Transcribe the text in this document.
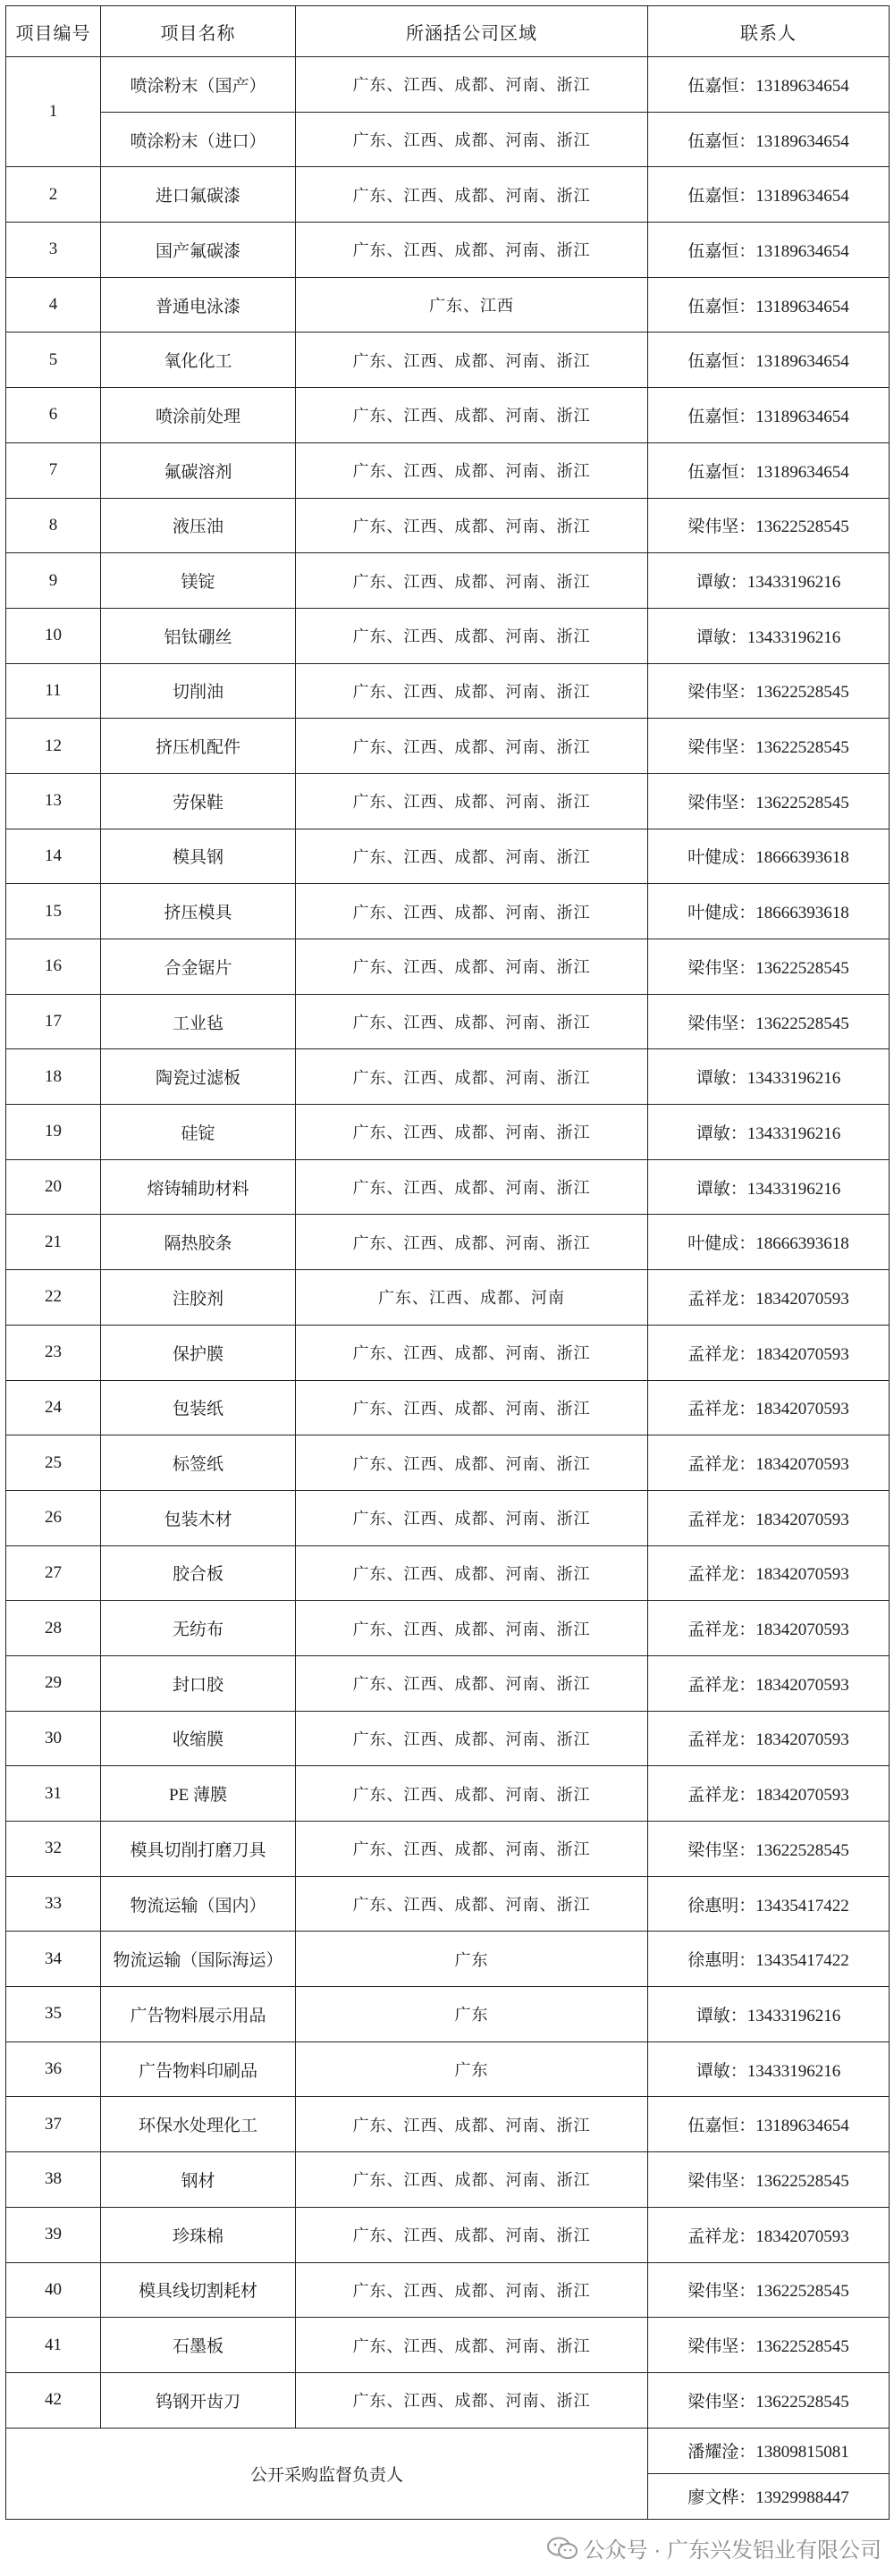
项目编号	项目名称	所涵括公司区域	联系人
1	喷涂粉末（国产）	广东、江西、成都、河南、浙江	伍嘉恒：13189634654
	喷涂粉末（进口）	广东、江西、成都、河南、浙江	伍嘉恒：13189634654
2	进口氟碳漆	广东、江西、成都、河南、浙江	伍嘉恒：13189634654
3	国产氟碳漆	广东、江西、成都、河南、浙江	伍嘉恒：13189634654
4	普通电泳漆	广东、江西	伍嘉恒：13189634654
5	氧化化工	广东、江西、成都、河南、浙江	伍嘉恒：13189634654
6	喷涂前处理	广东、江西、成都、河南、浙江	伍嘉恒：13189634654
7	氟碳溶剂	广东、江西、成都、河南、浙江	伍嘉恒：13189634654
8	液压油	广东、江西、成都、河南、浙江	梁伟坚：13622528545
9	镁锭	广东、江西、成都、河南、浙江	谭敏：13433196216
10	铝钛硼丝	广东、江西、成都、河南、浙江	谭敏：13433196216
11	切削油	广东、江西、成都、河南、浙江	梁伟坚：13622528545
12	挤压机配件	广东、江西、成都、河南、浙江	梁伟坚：13622528545
13	劳保鞋	广东、江西、成都、河南、浙江	梁伟坚：13622528545
14	模具钢	广东、江西、成都、河南、浙江	叶健成：18666393618
15	挤压模具	广东、江西、成都、河南、浙江	叶健成：18666393618
16	合金锯片	广东、江西、成都、河南、浙江	梁伟坚：13622528545
17	工业毡	广东、江西、成都、河南、浙江	梁伟坚：13622528545
18	陶瓷过滤板	广东、江西、成都、河南、浙江	谭敏：13433196216
19	硅锭	广东、江西、成都、河南、浙江	谭敏：13433196216
20	熔铸辅助材料	广东、江西、成都、河南、浙江	谭敏：13433196216
21	隔热胶条	广东、江西、成都、河南、浙江	叶健成：18666393618
22	注胶剂	广东、江西、成都、河南	孟祥龙：18342070593
23	保护膜	广东、江西、成都、河南、浙江	孟祥龙：18342070593
24	包装纸	广东、江西、成都、河南、浙江	孟祥龙：18342070593
25	标签纸	广东、江西、成都、河南、浙江	孟祥龙：18342070593
26	包装木材	广东、江西、成都、河南、浙江	孟祥龙：18342070593
27	胶合板	广东、江西、成都、河南、浙江	孟祥龙：18342070593
28	无纺布	广东、江西、成都、河南、浙江	孟祥龙：18342070593
29	封口胶	广东、江西、成都、河南、浙江	孟祥龙：18342070593
30	收缩膜	广东、江西、成都、河南、浙江	孟祥龙：18342070593
31	PE 薄膜	广东、江西、成都、河南、浙江	孟祥龙：18342070593
32	模具切削打磨刀具	广东、江西、成都、河南、浙江	梁伟坚：13622528545
33	物流运输（国内）	广东、江西、成都、河南、浙江	徐惠明：13435417422
34	物流运输（国际海运）	广东	徐惠明：13435417422
35	广告物料展示用品	广东	谭敏：13433196216
36	广告物料印刷品	广东	谭敏：13433196216
37	环保水处理化工	广东、江西、成都、河南、浙江	伍嘉恒：13189634654
38	钢材	广东、江西、成都、河南、浙江	梁伟坚：13622528545
39	珍珠棉	广东、江西、成都、河南、浙江	孟祥龙：18342070593
40	模具线切割耗材	广东、江西、成都、河南、浙江	梁伟坚：13622528545
41	石墨板	广东、江西、成都、河南、浙江	梁伟坚：13622528545
42	钨钢开齿刀	广东、江西、成都、河南、浙江	梁伟坚：13622528545
公开采购监督负责人			潘耀淦：13809815081
			廖文桦：13929988447
公众号 · 广东兴发铝业有限公司
